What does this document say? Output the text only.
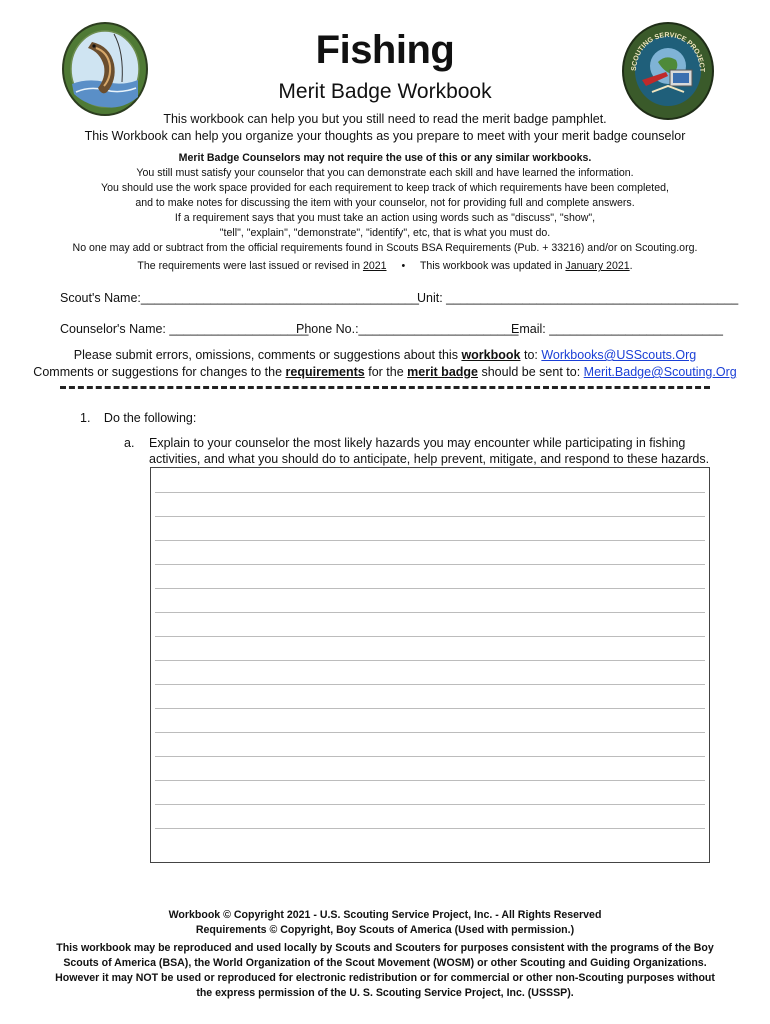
SCOUTING SERVICE PROJECT
Fishing
Merit Badge Workbook
This workbook can help you but you still need to read the merit badge pamphlet.
This Workbook can help you organize your thoughts as you prepare to meet with your merit badge counselor
Merit Badge Counselors may not require the use of this or any similar workbooks.
You still must satisfy your counselor that you can demonstrate each skill and have learned the information.
You should use the work space provided for each requirement to keep track of which requirements have been completed,
and to make notes for discussing the item with your counselor, not for providing full and complete answers.
If a requirement says that you must take an action using words such as "discuss", "show",
"tell", "explain", "demonstrate", "identify", etc, that is what you must do.
No one may add or subtract from the official requirements found in Scouts BSA Requirements (Pub. + 33216) and/or on Scouting.org.
The requirements were last issued or revised in 2021 • This workbook was updated in January 2021.
Scout's Name:________________________________________
Unit: __________________________________________
Counselor's Name: ____________________
Phone No.:_______________________
Email: _________________________
Please submit errors, omissions, comments or suggestions about this workbook to: Workbooks@USScouts.Org
Comments or suggestions for changes to the requirements for the merit badge should be sent to: Merit.Badge@Scouting.Org
1. Do the following:
a. Explain to your counselor the most likely hazards you may encounter while participating in fishing activities, and what you should do to anticipate, help prevent, mitigate, and respond to these hazards.
Workbook © Copyright 2021 - U.S. Scouting Service Project, Inc. - All Rights Reserved
Requirements © Copyright, Boy Scouts of America (Used with permission.)
This workbook may be reproduced and used locally by Scouts and Scouters for purposes consistent with the programs of the Boy
Scouts of America (BSA), the World Organization of the Scout Movement (WOSM) or other Scouting and Guiding Organizations.
However it may NOT be used or reproduced for electronic redistribution or for commercial or other non-Scouting purposes without
the express permission of the U. S. Scouting Service Project, Inc. (USSSP).
